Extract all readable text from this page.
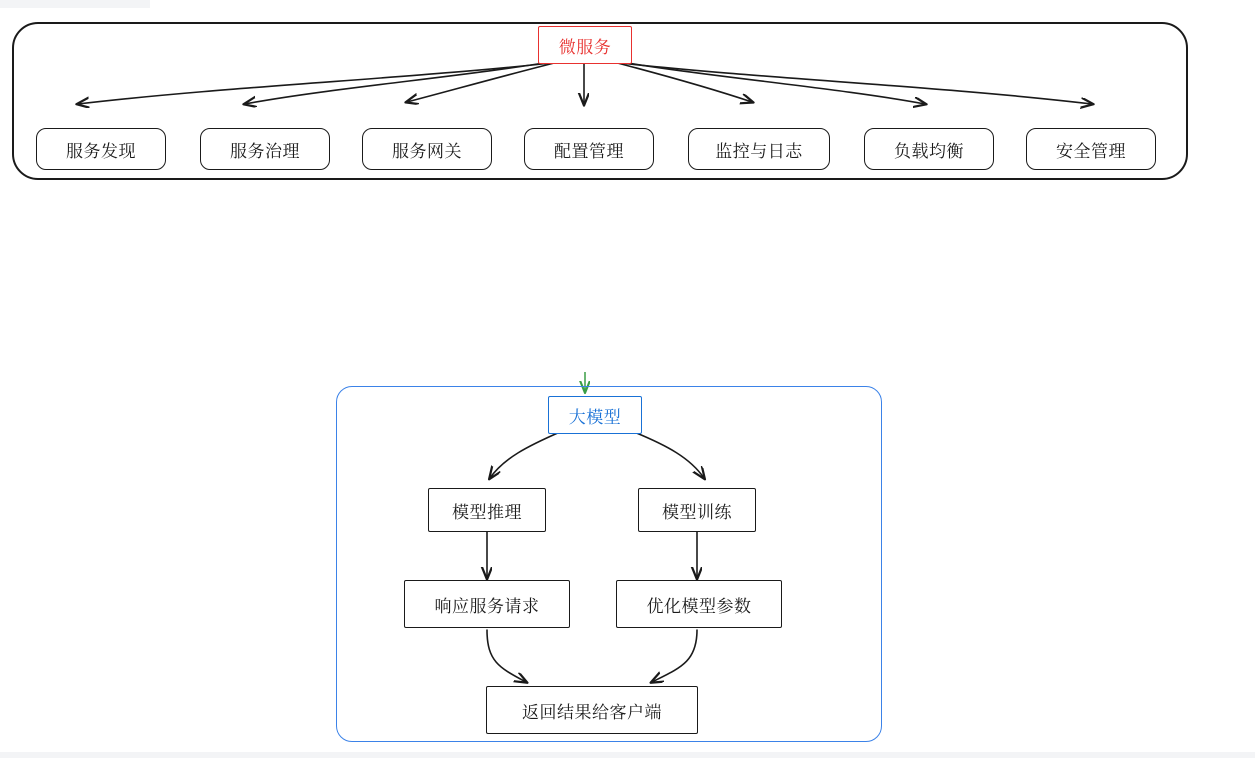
微服务
服务发现	服务治理	服务网关	配置管理	监控与日志	负载均衡	安全管理
大模型
模型推理	模型训练
响应服务请求	优化模型参数
返回结果给客户端
